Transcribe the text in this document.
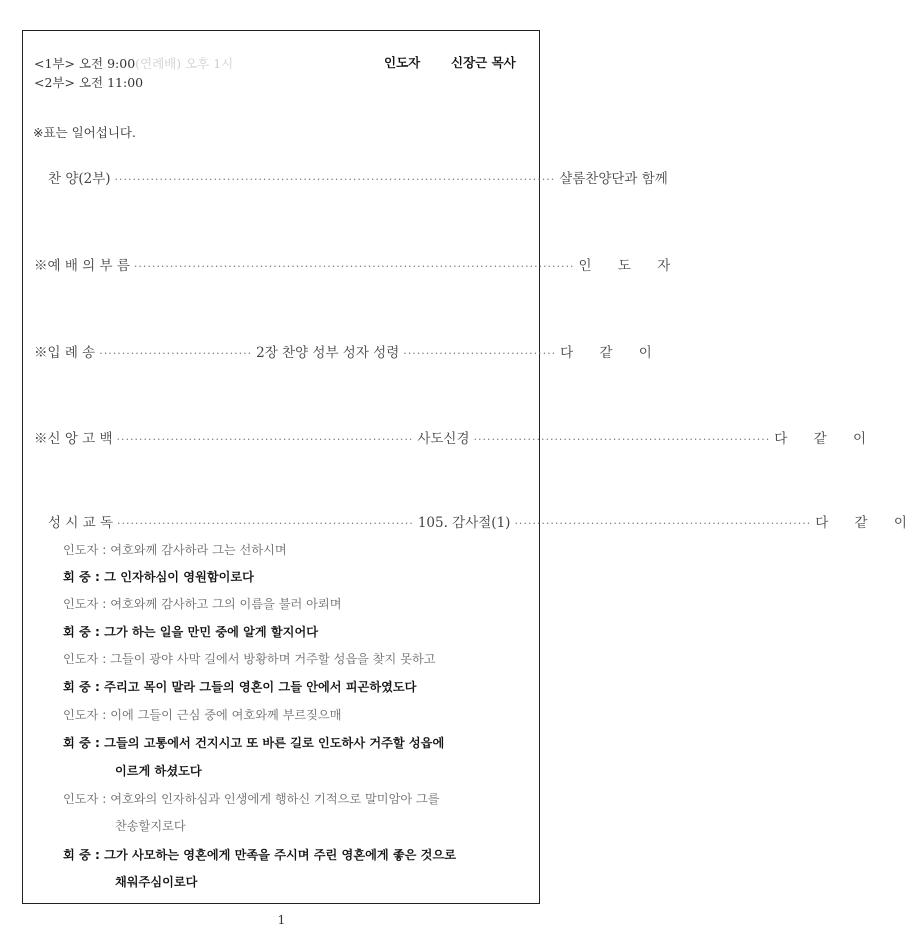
<1부> 오전 9:00(연례배) 오후 1시
<2부> 오전 11:00
인도자 신장근 목사
※표는 일어섭니다.
찬 양(2부) ·································································································· 샬롬찬양단과 함께
※예 배 의 부 름 ·································································································· 인 도 자
※입 례 송 ·································· 2장 찬양 성부 성자 성령 ·································· 다 같 이
※신 앙 고 백 ·································································· 사도신경 ·································································· 다 같 이
성 시 교 독 ·································································· 105. 감사절(1) ·································································· 다 같 이
인도자 : 여호와께 감사하라 그는 선하시며
회 중 : 그 인자하심이 영원함이로다
인도자 : 여호와께 감사하고 그의 이름을 불러 아뢰며
회 중 : 그가 하는 일을 만민 중에 알게 할지어다
인도자 : 그들이 광야 사막 길에서 방황하며 거주할 성읍을 찾지 못하고
회 중 : 주리고 목이 말라 그들의 영혼이 그들 안에서 피곤하였도다
인도자 : 이에 그들이 근심 중에 여호와께 부르짖으매
회 중 : 그들의 고통에서 건지시고 또 바른 길로 인도하사 거주할 성읍에
이르게 하셨도다
인도자 : 여호와의 인자하심과 인생에게 행하신 기적으로 말미암아 그를
찬송할지로다
회 중 : 그가 사모하는 영혼에게 만족을 주시며 주린 영혼에게 좋은 것으로
채워주심이로다
1
